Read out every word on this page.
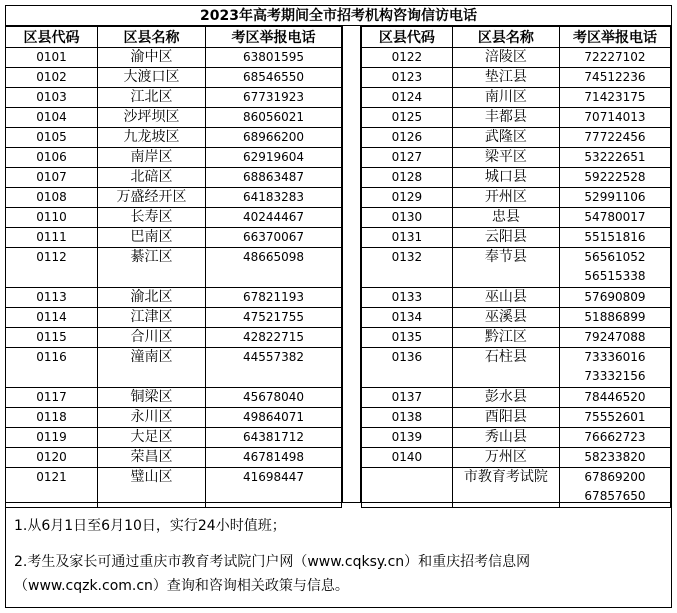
2023年高考期间全市招考机构咨询信访电话
区县代码	区县名称	考区举报电话
0101	渝中区	63801595

0102	大渡口区	68546550

0103	江北区	67731923

0104	沙坪坝区	86056021

0105	九龙坡区	68966200

0106	南岸区	62919604

0107	北碚区	68863487

0108	万盛经开区	64183283

0110	长寿区	40244467

0111	巴南区	66370067

0112	綦江区	48665098

0113	渝北区	67821193

0114	江津区	47521755

0115	合川区	42822715

0116	潼南区	44557382

0117	铜梁区	45678040

0118	永川区	49864071

0119	大足区	64381712

0120	荣昌区	46781498

0121	璧山区	41698447
区县代码	区县名称	考区举报电话
0122	涪陵区	72227102

0123	垫江县	74512236

0124	南川区	71423175

0125	丰都县	70714013

0126	武隆区	77722456

0127	梁平区	53222651

0128	城口县	59222528

0129	开州区	52991106

0130	忠县	54780017

0131	云阳县	55151816

0132	奉节县	56561052
56515338

0133	巫山县	57690809

0134	巫溪县	51886899

0135	黔江区	79247088

0136	石柱县	73336016
73332156

0137	彭水县	78446520

0138	酉阳县	75552601

0139	秀山县	76662723

0140	万州区	58233820

	市教育考试院	67869200
67857650
1.从6月1日至6月10日，实行24小时值班；
2.考生及家长可通过重庆市教育考试院门户网（www.cqksy.cn）和重庆招考信息网
（www.cqzk.com.cn）查询和咨询相关政策与信息。
